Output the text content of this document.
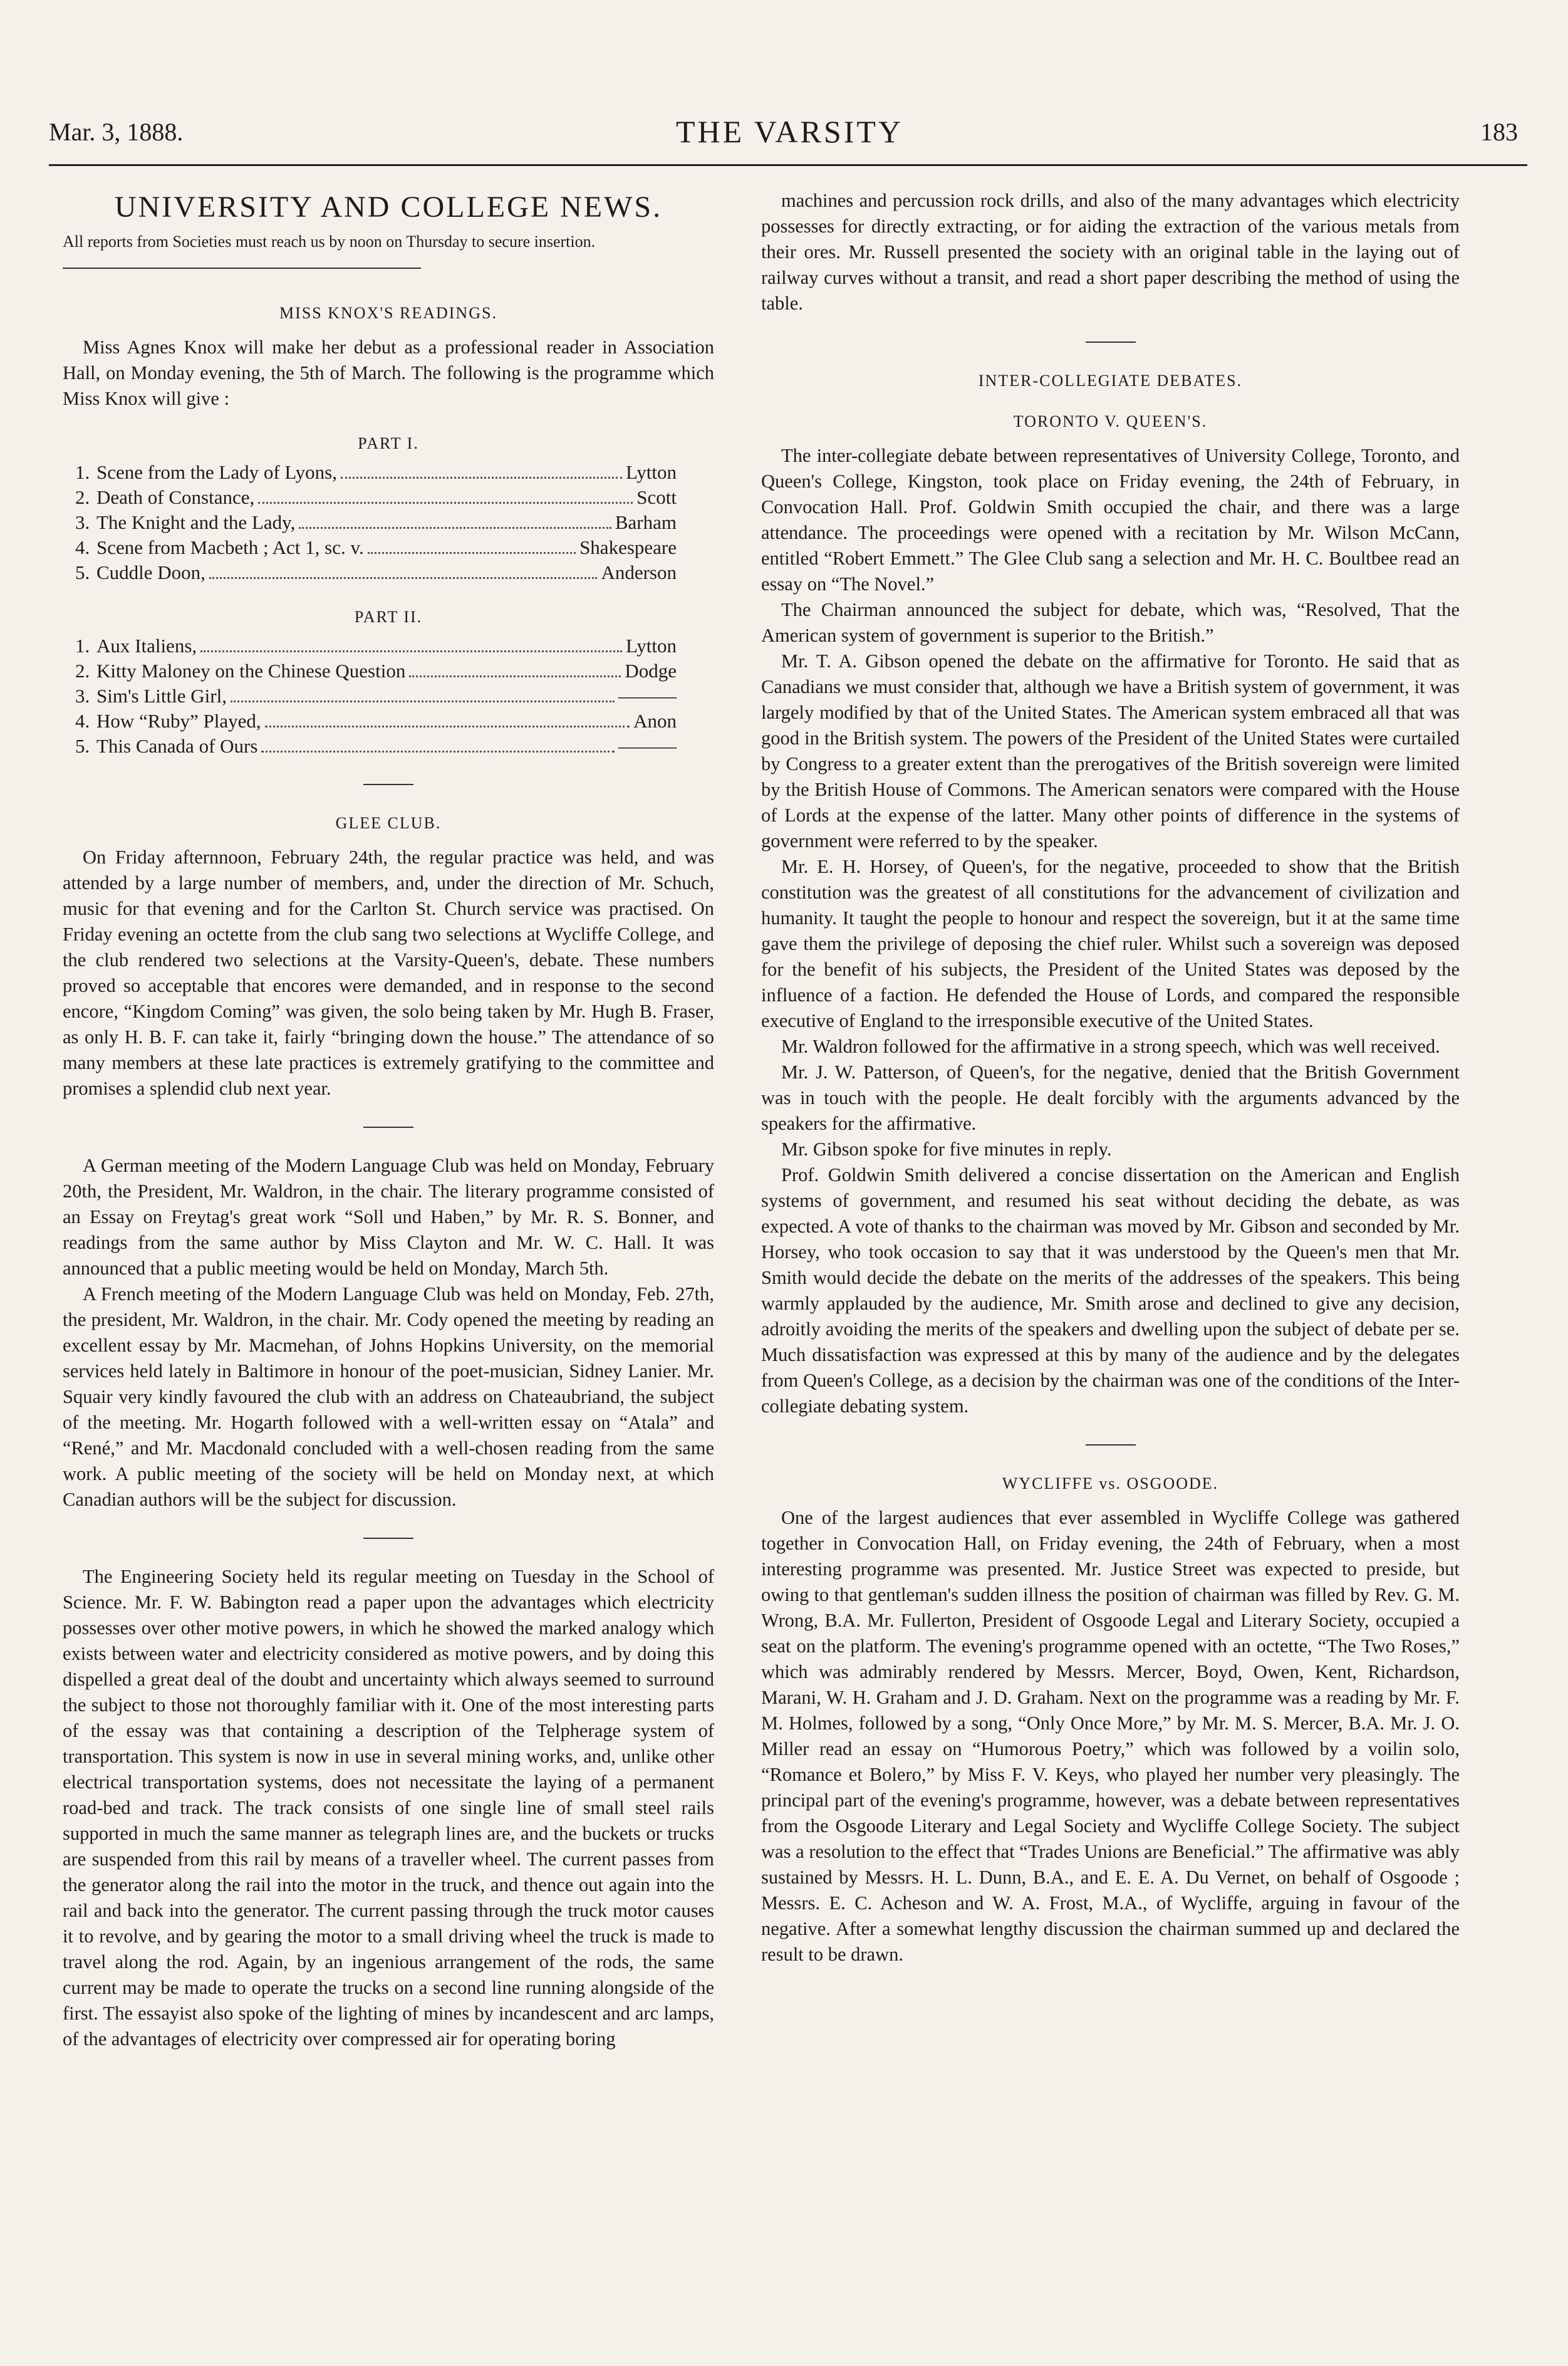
Mar. 3, 1888.	THE VARSITY	183
UNIVERSITY AND COLLEGE NEWS.
All reports from Societies must reach us by noon on Thursday to secure insertion.
MISS KNOX'S READINGS.

Miss Agnes Knox will make her debut as a professional reader in Association Hall, on Monday evening, the 5th of March. The following is the programme which Miss Knox will give :

PART I.
1. Scene from the Lady of Lyons,	Lytton
2. Death of Constance,	Scott
3. The Knight and the Lady,	Barham
4. Scene from Macbeth ; Act 1, sc. v.	Shakespeare
5. Cuddle Doon,	Anderson
PART II.
1. Aux Italiens,	Lytton
2. Kitty Maloney on the Chinese Question	Dodge
3. Sim's Little Girl,	———
4. How “Ruby” Played,	Anon
5. This Canada of Ours	———
GLEE CLUB.

On Friday afternnoon, February 24th, the regular practice was held, and was attended by a large number of members, and, under the direction of Mr. Schuch, music for that evening and for the Carlton St. Church service was practised. On Friday evening an octette from the club sang two selections at Wycliffe College, and the club rendered two selections at the Varsity-Queen's, debate. These numbers proved so acceptable that encores were demanded, and in response to the second encore, “Kingdom Coming” was given, the solo being taken by Mr. Hugh B. Fraser, as only H. B. F. can take it, fairly “bringing down the house.” The attendance of so many members at these late practices is extremely gratifying to the committee and promises a splendid club next year.

A German meeting of the Modern Language Club was held on Monday, February 20th, the President, Mr. Waldron, in the chair. The literary programme consisted of an Essay on Freytag's great work “Soll und Haben,” by Mr. R. S. Bonner, and readings from the same author by Miss Clayton and Mr. W. C. Hall. It was announced that a public meeting would be held on Monday, March 5th.

A French meeting of the Modern Language Club was held on Monday, Feb. 27th, the president, Mr. Waldron, in the chair. Mr. Cody opened the meeting by reading an excellent essay by Mr. Macmehan, of Johns Hopkins University, on the memorial services held lately in Baltimore in honour of the poet-musician, Sidney Lanier. Mr. Squair very kindly favoured the club with an address on Chateaubriand, the subject of the meeting. Mr. Hogarth followed with a well-written essay on “Atala” and “René,” and Mr. Macdonald concluded with a well-chosen reading from the same work. A public meeting of the society will be held on Monday next, at which Canadian authors will be the subject for discussion.

The Engineering Society held its regular meeting on Tuesday in the School of Science. Mr. F. W. Babington read a paper upon the advantages which electricity possesses over other motive powers, in which he showed the marked analogy which exists between water and electricity considered as motive powers, and by doing this dispelled a great deal of the doubt and uncertainty which always seemed to surround the subject to those not thoroughly familiar with it. One of the most interesting parts of the essay was that containing a description of the Telpherage system of transportation. This system is now in use in several mining works, and, unlike other electrical transportation systems, does not necessitate the laying of a permanent road-bed and track. The track consists of one single line of small steel rails supported in much the same manner as telegraph lines are, and the buckets or trucks are suspended from this rail by means of a traveller wheel. The current passes from the generator along the rail into the motor in the truck, and thence out again into the rail and back into the generator. The current passing through the truck motor causes it to revolve, and by gearing the motor to a small driving wheel the truck is made to travel along the rod. Again, by an ingenious arrangement of the rods, the same current may be made to operate the trucks on a second line running alongside of the first. The essayist also spoke of the lighting of mines by incandescent and arc lamps, of the advantages of electricity over compressed air for operating boring

machines and percussion rock drills, and also of the many advantages which electricity possesses for directly extracting, or for aiding the extraction of the various metals from their ores. Mr. Russell presented the society with an original table in the laying out of railway curves without a transit, and read a short paper describing the method of using the table.

INTER-COLLEGIATE DEBATES.
TORONTO V. QUEEN'S.

The inter-collegiate debate between representatives of University College, Toronto, and Queen's College, Kingston, took place on Friday evening, the 24th of February, in Convocation Hall. Prof. Goldwin Smith occupied the chair, and there was a large attendance. The proceedings were opened with a recitation by Mr. Wilson McCann, entitled “Robert Emmett.” The Glee Club sang a selection and Mr. H. C. Boultbee read an essay on “The Novel.”

The Chairman announced the subject for debate, which was, “Resolved, That the American system of government is superior to the British.”

Mr. T. A. Gibson opened the debate on the affirmative for Toronto. He said that as Canadians we must consider that, although we have a British system of government, it was largely modified by that of the United States. The American system embraced all that was good in the British system. The powers of the President of the United States were curtailed by Congress to a greater extent than the prerogatives of the British sovereign were limited by the British House of Commons. The American senators were compared with the House of Lords at the expense of the latter. Many other points of difference in the systems of government were referred to by the speaker.

Mr. E. H. Horsey, of Queen's, for the negative, proceeded to show that the British constitution was the greatest of all constitutions for the advancement of civilization and humanity. It taught the people to honour and respect the sovereign, but it at the same time gave them the privilege of deposing the chief ruler. Whilst such a sovereign was deposed for the benefit of his subjects, the President of the United States was deposed by the influence of a faction. He defended the House of Lords, and compared the responsible executive of England to the irresponsible executive of the United States.

Mr. Waldron followed for the affirmative in a strong speech, which was well received.

Mr. J. W. Patterson, of Queen's, for the negative, denied that the British Government was in touch with the people. He dealt forcibly with the arguments advanced by the speakers for the affirmative.

Mr. Gibson spoke for five minutes in reply.

Prof. Goldwin Smith delivered a concise dissertation on the American and English systems of government, and resumed his seat without deciding the debate, as was expected. A vote of thanks to the chairman was moved by Mr. Gibson and seconded by Mr. Horsey, who took occasion to say that it was understood by the Queen's men that Mr. Smith would decide the debate on the merits of the addresses of the speakers. This being warmly applauded by the audience, Mr. Smith arose and declined to give any decision, adroitly avoiding the merits of the speakers and dwelling upon the subject of debate per se. Much dissatisfaction was expressed at this by many of the audience and by the delegates from Queen's College, as a decision by the chairman was one of the conditions of the Inter-collegiate debating system.

WYCLIFFE vs. OSGOODE.

One of the largest audiences that ever assembled in Wycliffe College was gathered together in Convocation Hall, on Friday evening, the 24th of February, when a most interesting programme was presented. Mr. Justice Street was expected to preside, but owing to that gentleman's sudden illness the position of chairman was filled by Rev. G. M. Wrong, B.A. Mr. Fullerton, President of Osgoode Legal and Literary Society, occupied a seat on the platform. The evening's programme opened with an octette, “The Two Roses,” which was admirably rendered by Messrs. Mercer, Boyd, Owen, Kent, Richardson, Marani, W. H. Graham and J. D. Graham. Next on the programme was a reading by Mr. F. M. Holmes, followed by a song, “Only Once More,” by Mr. M. S. Mercer, B.A. Mr. J. O. Miller read an essay on “Humorous Poetry,” which was followed by a voilin solo, “Romance et Bolero,” by Miss F. V. Keys, who played her number very pleasingly. The principal part of the evening's programme, however, was a debate between representatives from the Osgoode Literary and Legal Society and Wycliffe College Society. The subject was a resolution to the effect that “Trades Unions are Beneficial.” The affirmative was ably sustained by Messrs. H. L. Dunn, B.A., and E. E. A. Du Vernet, on behalf of Osgoode ; Messrs. E. C. Acheson and W. A. Frost, M.A., of Wycliffe, arguing in favour of the negative. After a somewhat lengthy discussion the chairman summed up and declared the result to be drawn.
